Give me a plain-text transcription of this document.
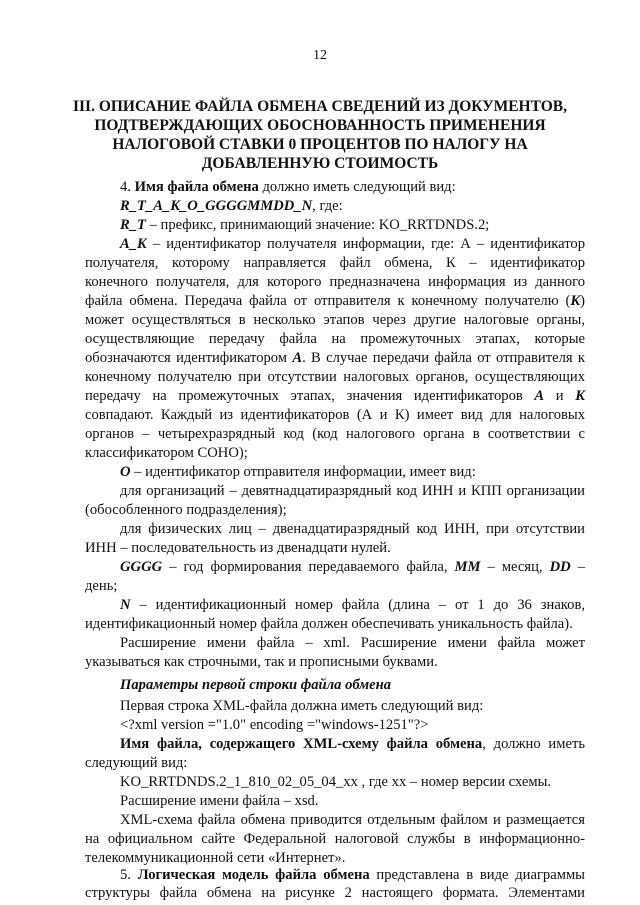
12
III. ОПИСАНИЕ ФАЙЛА ОБМЕНА СВЕДЕНИЙ ИЗ ДОКУМЕНТОВ,
ПОДТВЕРЖДАЮЩИХ ОБОСНОВАННОСТЬ ПРИМЕНЕНИЯ
НАЛОГОВОЙ СТАВКИ 0 ПРОЦЕНТОВ ПО НАЛОГУ НА
ДОБАВЛЕННУЮ СТОИМОСТЬ
4. Имя файла обмена должно иметь следующий вид:
R_T_A_K_O_GGGGMMDD_N, где:
R_T – префикс, принимающий значение: KO_RRTDNDS.2;
A_K – идентификатор получателя информации, где: А – идентификатор
получателя, которому направляется файл обмена, К – идентификатор
конечного получателя, для которого предназначена информация из данного
файла обмена. Передача файла от отправителя к конечному получателю (K)
может осуществляться в несколько этапов через другие налоговые органы,
осуществляющие передачу файла на промежуточных этапах, которые
обозначаются идентификатором A. В случае передачи файла от отправителя к
конечному получателю при отсутствии налоговых органов, осуществляющих
передачу на промежуточных этапах, значения идентификаторов A и K
совпадают. Каждый из идентификаторов (А и К) имеет вид для налоговых
органов – четырехразрядный код (код налогового органа в соответствии с
классификатором СОНО);
O – идентификатор отправителя информации, имеет вид:
для организаций – девятнадцатиразрядный код ИНН и КПП организации
(обособленного подразделения);
для физических лиц – двенадцатиразрядный код ИНН, при отсутствии
ИНН – последовательность из двенадцати нулей.
GGGG – год формирования передаваемого файла, MM – месяц, DD –
день;
N – идентификационный номер файла (длина – от 1 до 36 знаков,
идентификационный номер файла должен обеспечивать уникальность файла).
Расширение имени файла – xml. Расширение имени файла может
указываться как строчными, так и прописными буквами.
Параметры первой строки файла обмена
Первая строка XML-файла должна иметь следующий вид:
<?xml version ="1.0" encoding ="windows-1251"?>
Имя файла, содержащего XML-схему файла обмена, должно иметь
следующий вид:
KO_RRTDNDS.2_1_810_02_05_04_xx , где хх – номер версии схемы.
Расширение имени файла – xsd.
XML-схема файла обмена приводится отдельным файлом и размещается
на официальном сайте Федеральной налоговой службы в информационно-
телекоммуникационной сети «Интернет».
5. Логическая модель файла обмена представлена в виде диаграммы
структуры файла обмена на рисунке 2 настоящего формата. Элементами
